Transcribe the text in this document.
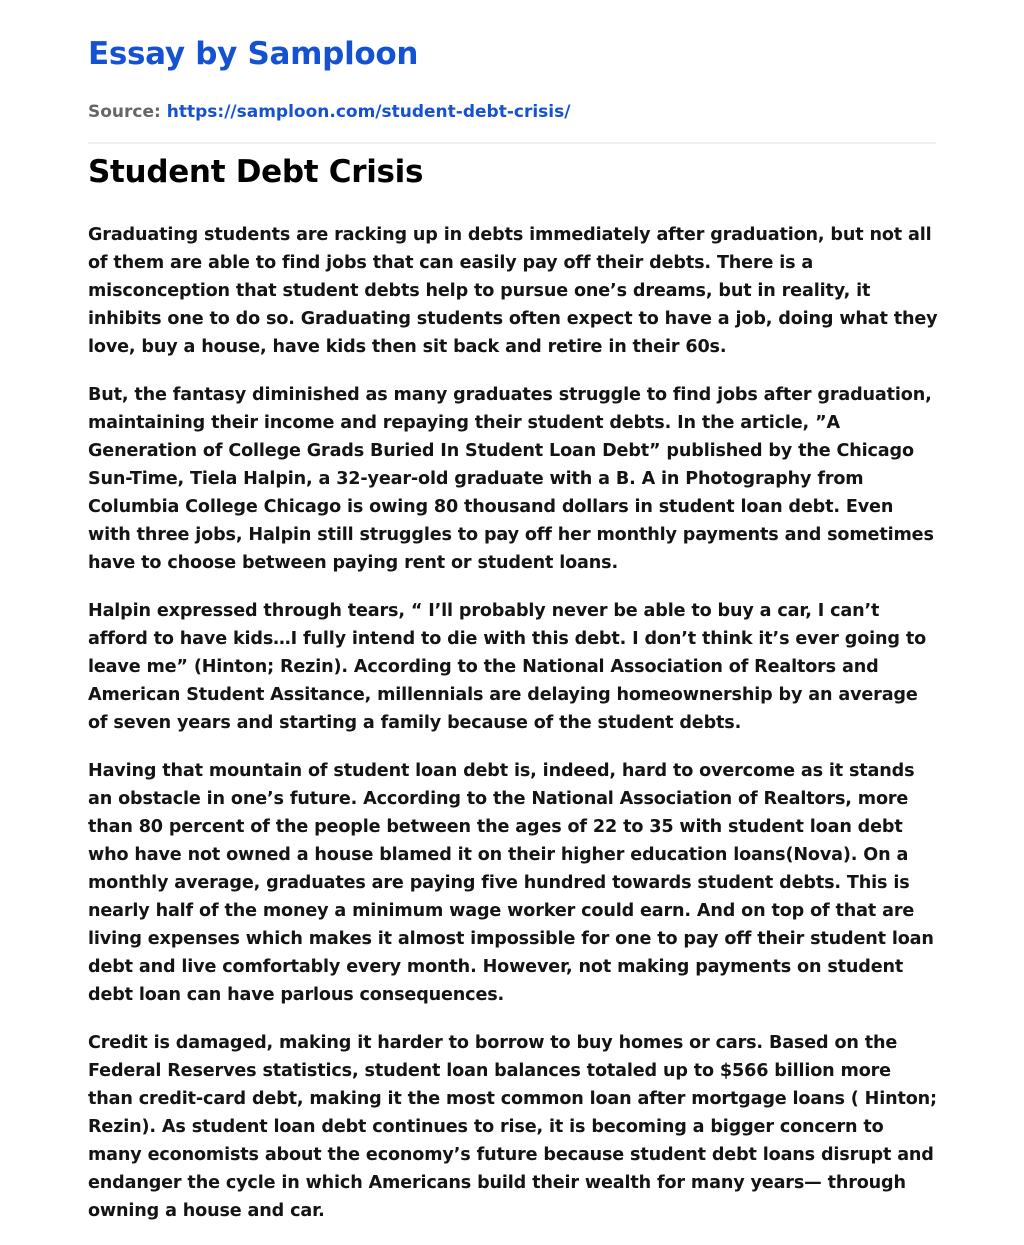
Essay by Samploon
Source: https://samploon.com/student-debt-crisis/
Student Debt Crisis

Graduating students are racking up in debts immediately after graduation, but not all of them are able to find jobs that can easily pay off their debts. There is a misconception that student debts help to pursue one’s dreams, but in reality, it inhibits one to do so. Graduating students often expect to have a job, doing what they love, buy a house, have kids then sit back and retire in their 60s.

But, the fantasy diminished as many graduates struggle to find jobs after graduation, maintaining their income and repaying their student debts. In the article, ”A Generation of College Grads Buried In Student Loan Debt” published by the Chicago Sun-Time, Tiela Halpin, a 32-year-old graduate with a B. A in Photography from Columbia College Chicago is owing 80 thousand dollars in student loan debt. Even with three jobs, Halpin still struggles to pay off her monthly payments and sometimes have to choose between paying rent or student loans.

Halpin expressed through tears, “ I’ll probably never be able to buy a car, I can’t afford to have kids…I fully intend to die with this debt. I don’t think it’s ever going to leave me” (Hinton; Rezin). According to the National Association of Realtors and American Student Assitance, millennials are delaying homeownership by an average of seven years and starting a family because of the student debts.

Having that mountain of student loan debt is, indeed, hard to overcome as it stands an obstacle in one’s future. According to the National Association of Realtors, more than 80 percent of the people between the ages of 22 to 35 with student loan debt who have not owned a house blamed it on their higher education loans(Nova). On a monthly average, graduates are paying five hundred towards student debts. This is nearly half of the money a minimum wage worker could earn. And on top of that are living expenses which makes it almost impossible for one to pay off their student loan debt and live comfortably every month. However, not making payments on student debt loan can have parlous consequences.

Credit is damaged, making it harder to borrow to buy homes or cars. Based on the Federal Reserves statistics, student loan balances totaled up to $566 billion more than credit-card debt, making it the most common loan after mortgage loans ( Hinton; Rezin). As student loan debt continues to rise, it is becoming a bigger concern to many economists about the economy’s future because student debt loans disrupt and endanger the cycle in which Americans build their wealth for many years— through owning a house and car.
